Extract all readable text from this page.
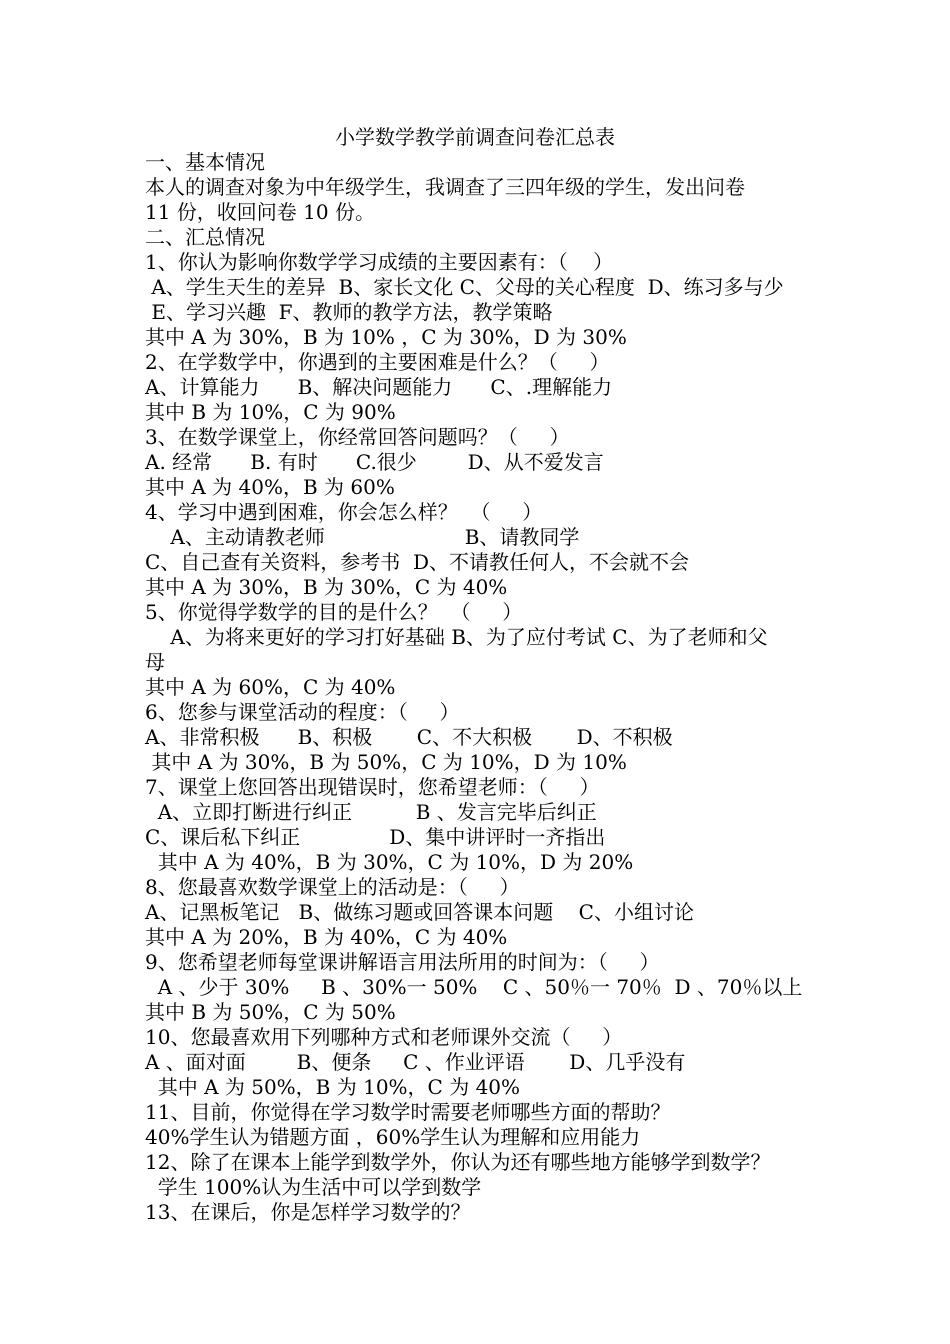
小学数学教学前调查问卷汇总表
一、基本情况
本人的调查对象为中年级学生，我调查了三四年级的学生，发出问卷
11 份，收回问卷 10 份。
二、汇总情况
1、你认为影响你数学学习成绩的主要因素有：（    ）
A、学生天生的差异  B、家长文化 C、父母的关心程度  D、练习多与少
E、学习兴趣  F、教师的教学方法，教学策略
其中 A 为 30%，B 为 10% ，C 为 30%，D 为 30%
2、在学数学中，你遇到的主要困难是什么？（     ）
A、计算能力      B、解决问题能力      C、.理解能力
其中 B 为 10%，C 为 90%
3、在数学课堂上，你经常回答问题吗？（     ）
A. 经常      B. 有时      C.很少        D、从不爱发言
其中 A 为 40%，B 为 60%
4、学习中遇到困难，你会怎么样？  （     ）
A、主动请教老师                      B、请教同学
C、自己查有关资料，参考书  D、不请教任何人，不会就不会
其中 A 为 30%，B 为 30%，C 为 40%
5、你觉得学数学的目的是什么？  （     ）
A、为将来更好的学习打好基础 B、为了应付考试 C、为了老师和父
母
其中 A 为 60%，C 为 40%
6、您参与课堂活动的程度：（     ）
A、非常积极      B、积极       C、不大积极       D、不积极
其中 A 为 30%，B 为 50%，C 为 10%，D 为 10%
7、课堂上您回答出现错误时，您希望老师：（     ）
A、立即打断进行纠正          B 、发言完毕后纠正
C、课后私下纠正              D、集中讲评时一齐指出
其中 A 为 40%，B 为 30%，C 为 10%，D 为 20%
8、您最喜欢数学课堂上的活动是：（     ）
A、记黑板笔记   B、做练习题或回答课本问题    C、小组讨论
其中 A 为 20%，B 为 40%，C 为 40%
9、您希望老师每堂课讲解语言用法所用的时间为：（     ）
A 、少于 30%     B 、30%一 50%    C 、50％一 70％  D 、70％以上
其中 B 为 50%，C 为 50%
10、您最喜欢用下列哪种方式和老师课外交流（     ）
A 、面对面        B、便条     C 、作业评语       D、几乎没有
其中 A 为 50%，B 为 10%，C 为 40%
11、目前，你觉得在学习数学时需要老师哪些方面的帮助？
40%学生认为错题方面 ，60%学生认为理解和应用能力
12、除了在课本上能学到数学外，你认为还有哪些地方能够学到数学？
学生 100%认为生活中可以学到数学
13、在课后，你是怎样学习数学的？
